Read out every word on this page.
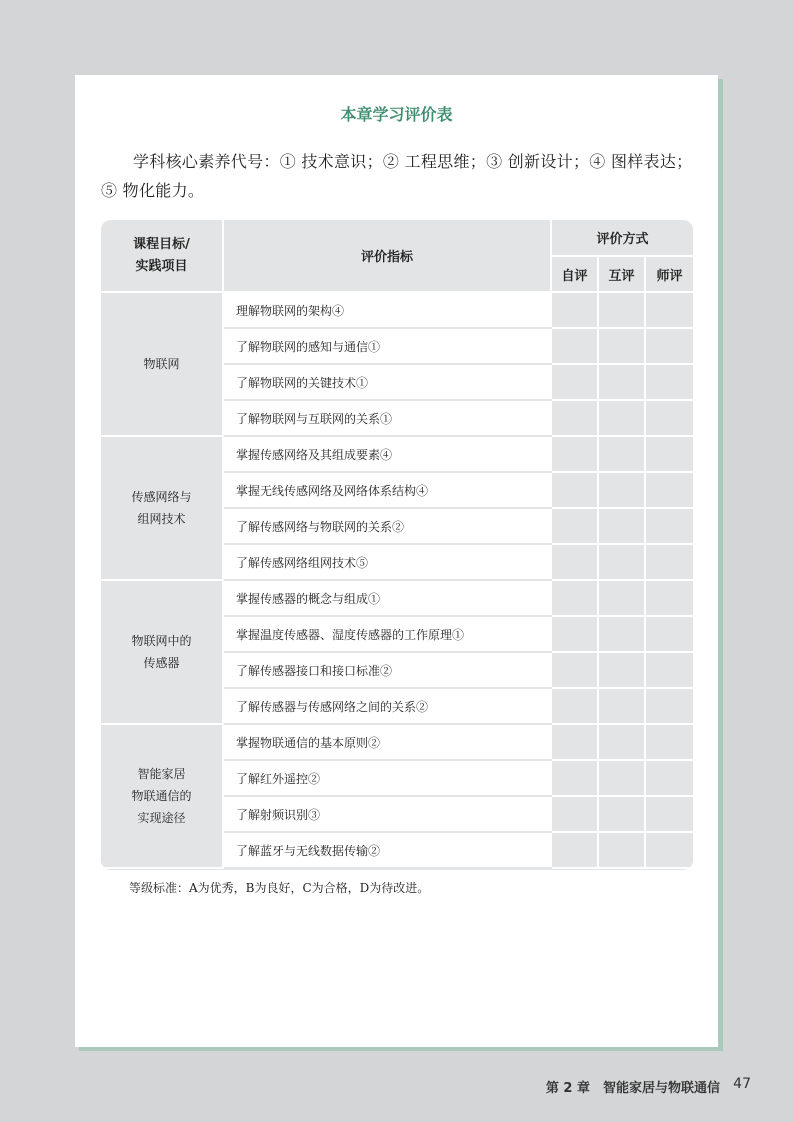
本章学习评价表
学科核心素养代号：① 技术意识；② 工程思维；③ 创新设计；④ 图样表达；⑤ 物化能力。
课程目标/
实践项目	评价指标	评价方式		
		自评	互评	师评
物联网	理解物联网的架构④			
	了解物联网的感知与通信①			
	了解物联网的关键技术①			
	了解物联网与互联网的关系①			
传感网络与
组网技术	掌握传感网络及其组成要素④			
	掌握无线传感网络及网络体系结构④			
	了解传感网络与物联网的关系②			
	了解传感网络组网技术⑤			
物联网中的
传感器	掌握传感器的概念与组成①			
	掌握温度传感器、湿度传感器的工作原理①			
	了解传感器接口和接口标准②			
	了解传感器与传感网络之间的关系②			
智能家居
物联通信的
实现途径	掌握物联通信的基本原则②			
	了解红外遥控②			
	了解射频识别③			
	了解蓝牙与无线数据传输②			
等级标准：A为优秀，B为良好，C为合格，D为待改进。
第 2 章　智能家居与物联通信 47
